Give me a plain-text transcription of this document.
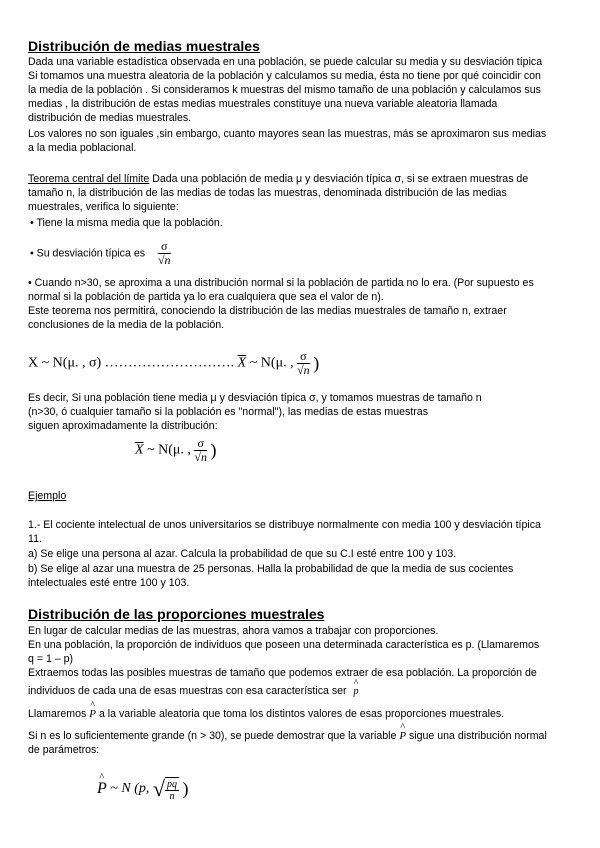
Distribución de medias muestrales
Dada una variable estadística observada en una población, se puede calcular su media y su desviación típica
Si tomamos una muestra aleatoria de la población y calculamos su media, ésta no tiene por qué coincidir con
la media de la población . Si consideramos k muestras del mismo tamaño de una población y calculamos sus
medias , la distribución de estas medias muestrales constituye una nueva variable aleatoria llamada
distribución de medias muestrales.
Los valores no son iguales ,sin embargo, cuanto mayores sean las muestras, más se aproximaron sus medias
a la media poblacional.
Teorema central del límite Dada una población de media μ y desviación típica σ, si se extraen muestras de
tamaño n, la distribución de las medias de todas las muestras, denominada distribución de las medias
muestrales, verifica lo siguiente:
• Tiene la misma media que la población.
• Su desviación típica es $\frac{\sigma}{√n}$
• Cuando n>30, se aproxima a una distribución normal si la población de partida no lo era. (Por supuesto es
normal si la población de partida ya lo era cualquiera que sea el valor de n).
Este teorema nos permitirá, conociendo la distribución de las medias muestrales de tamaño n, extraer
conclusiones de la media de la población.
X ~ N(μ. , σ) ………………………. $\overline{X}$ ~ N(μ. , $\frac{\sigma}{√n}$ )
Es decir, Si una población tiene media μ y desviación típica σ, y tomamos muestras de tamaño n
(n>30, ó cualquier tamaño si la población es "normal"), las medias de estas muestras
siguen aproximadamente la distribución:
$\overline{X}$ ~ N(μ. , $\frac{\sigma}{√n}$ )
Ejemplo
1.- El cociente intelectual de unos universitarios se distribuye normalmente con media 100 y desviación típica
11.
a) Se elige una persona al azar. Calcula la probabilidad de que su C.I esté entre 100 y 103.
b) Se elige al azar una muestra de 25 personas. Halla la probabilidad de que la media de sus cocientes
intelectuales esté entre 100 y 103.
Distribución de las proporciones muestrales
En lugar de calcular medias de las muestras, ahora vamos a trabajar con proporciones.
En una población, la proporción de individuos que poseen una determinada característica es p. (Llamaremos
q = 1 – p)
Extraemos todas las posibles muestras de tamaño que podemos extraer de esa población. La proporción de
individuos de cada una de esas muestras con esa característica ser ^ p
Llamaremos ^ P a la variable aleatoria que toma los distintos valores de esas proporciones muestrales.
Si n es lo suficientemente grande (n > 30), se puede demostrar que la variable ^ P sigue una distribución normal
de parámetros:
^ P ~ N (p, √ $\frac{pq}{n}$ )
